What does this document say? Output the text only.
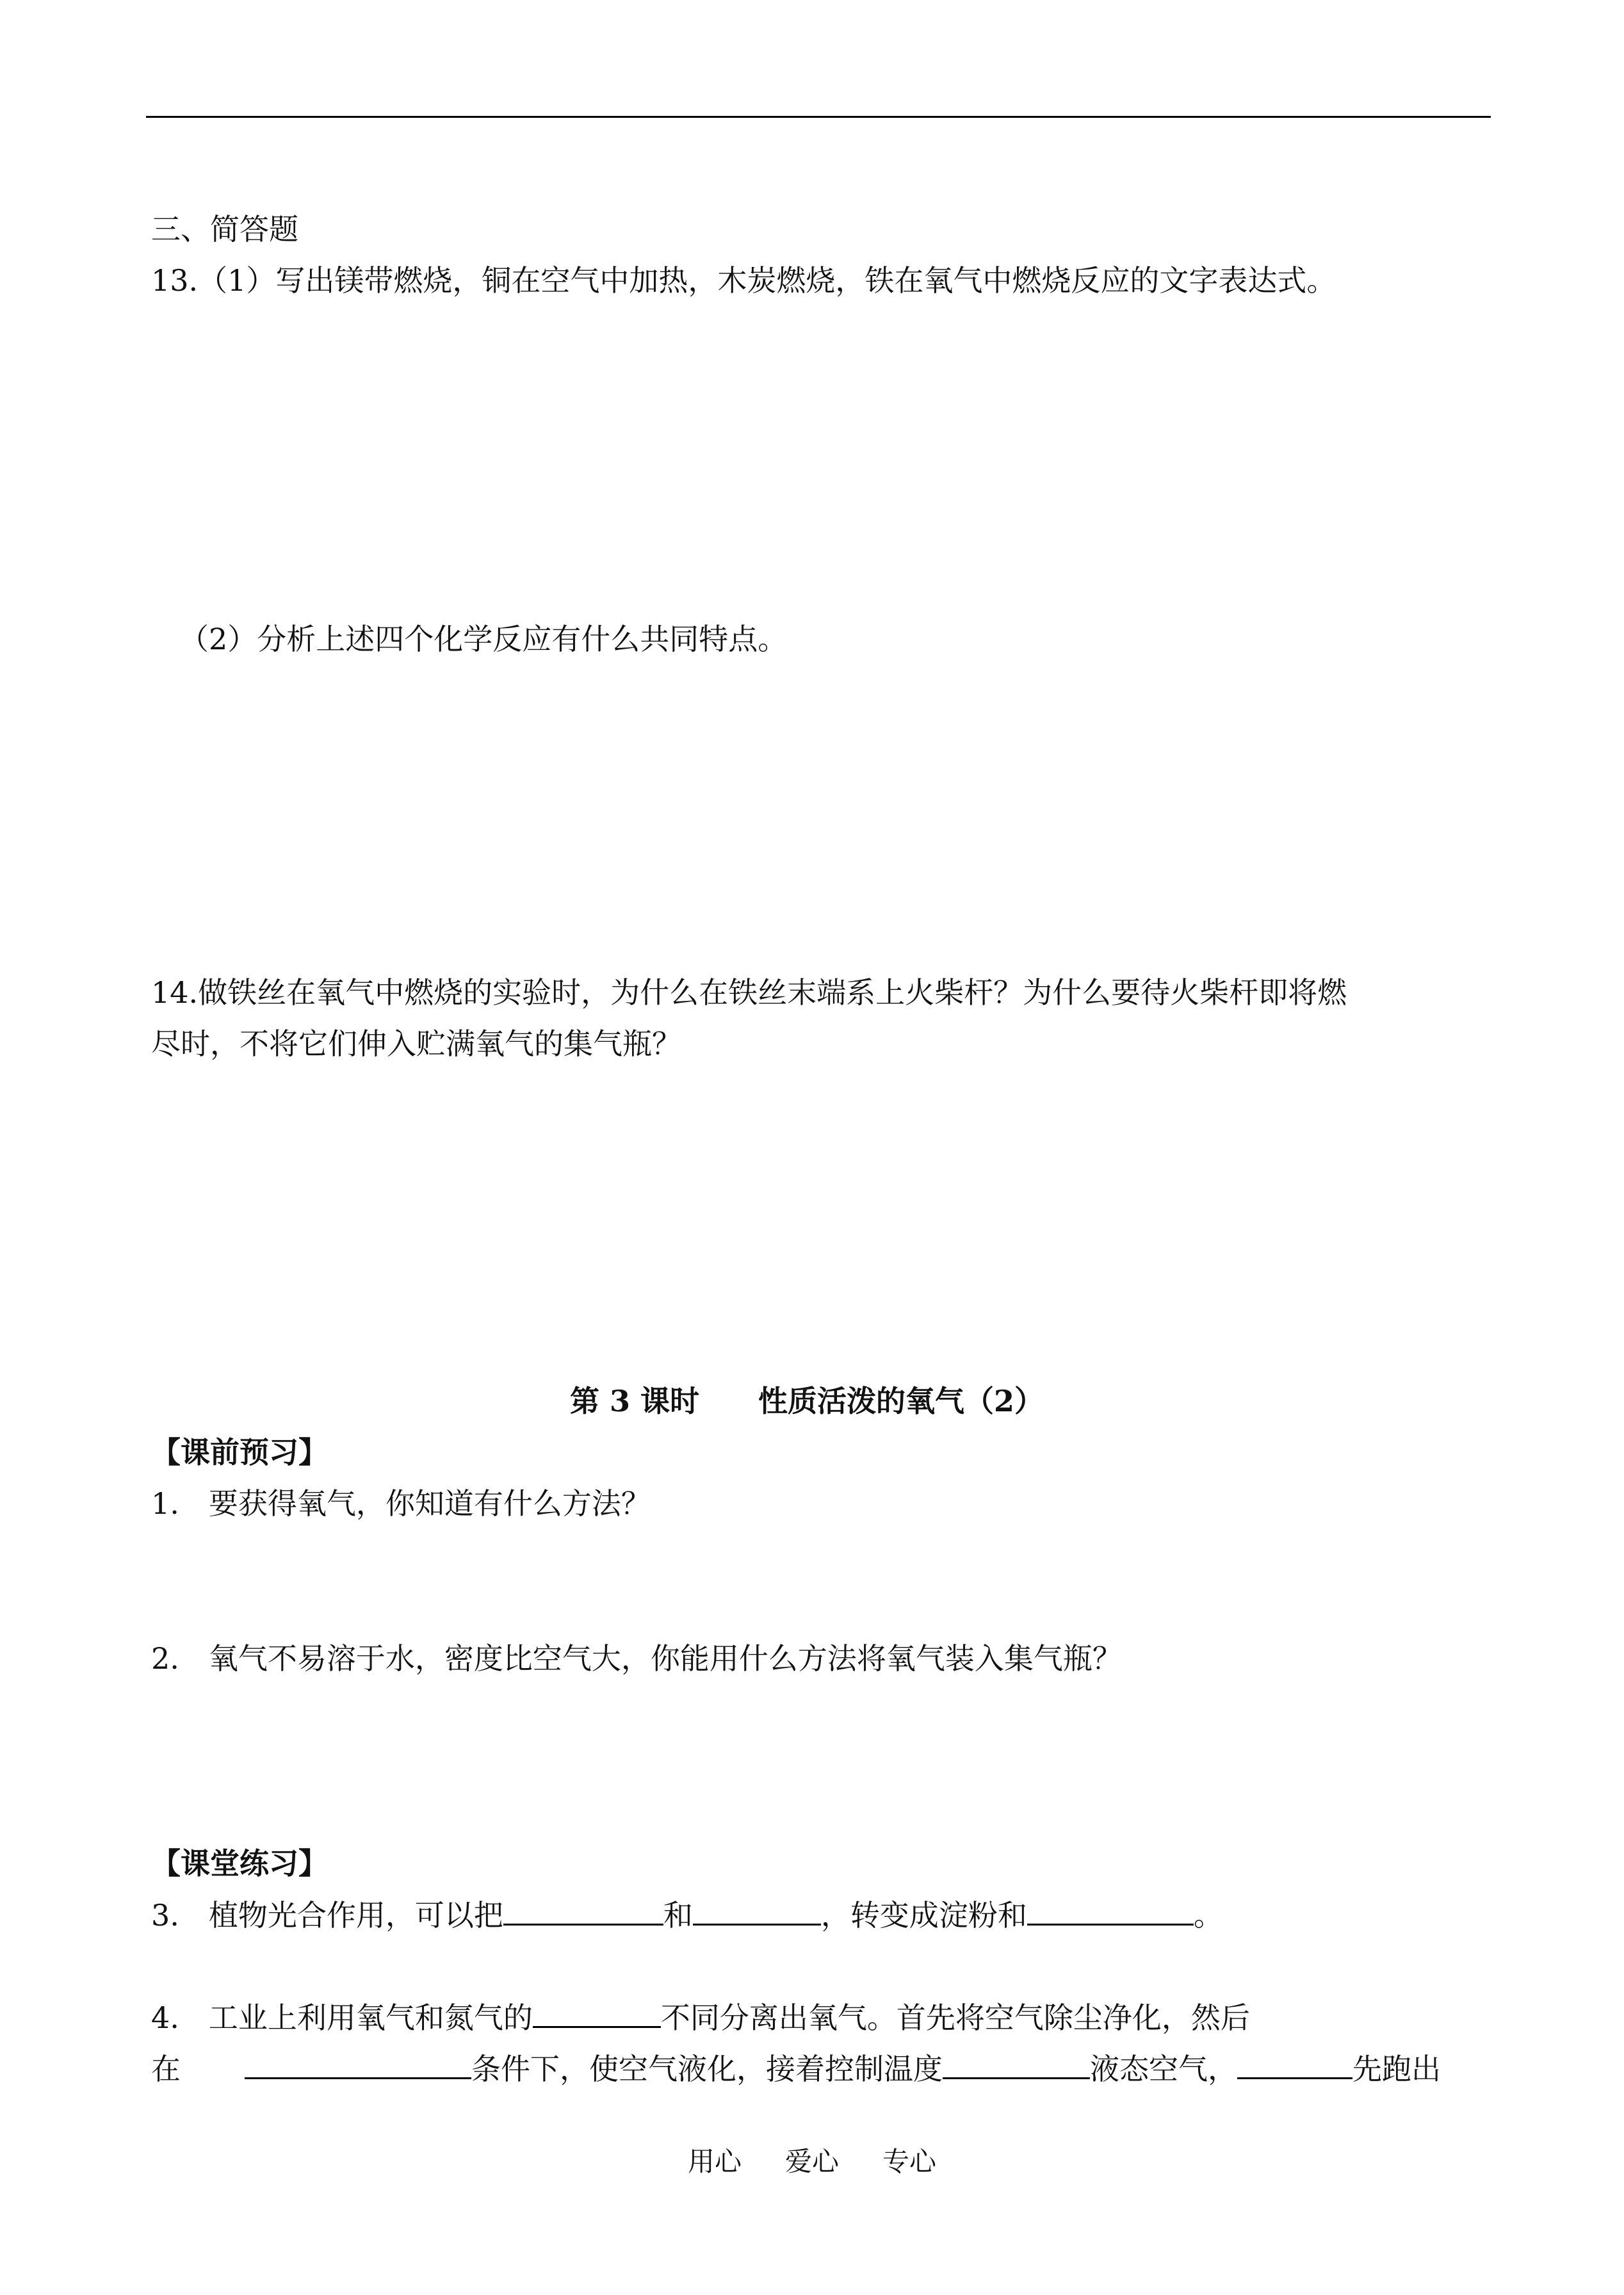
三、简答题
13.（1）写出镁带燃烧，铜在空气中加热，木炭燃烧，铁在氧气中燃烧反应的文字表达式。
（2）分析上述四个化学反应有什么共同特点。
14.做铁丝在氧气中燃烧的实验时，为什么在铁丝末端系上火柴杆？为什么要待火柴杆即将燃
尽时，不将它们伸入贮满氧气的集气瓶？
第 3 课时　　性质活泼的氧气（2）
【课前预习】
1.　要获得氧气，你知道有什么方法？
2.　氧气不易溶于水，密度比空气大，你能用什么方法将氧气装入集气瓶？
【课堂练习】
3.　植物光合作用，可以把	和	，转变成淀粉和	。
4.　工业上利用氧气和氮气的	不同分离出氧气。首先将空气除尘净化，然后
在	条件下，使空气液化，接着控制温度	液态空气，	先跑出
用心 爱心 专心
